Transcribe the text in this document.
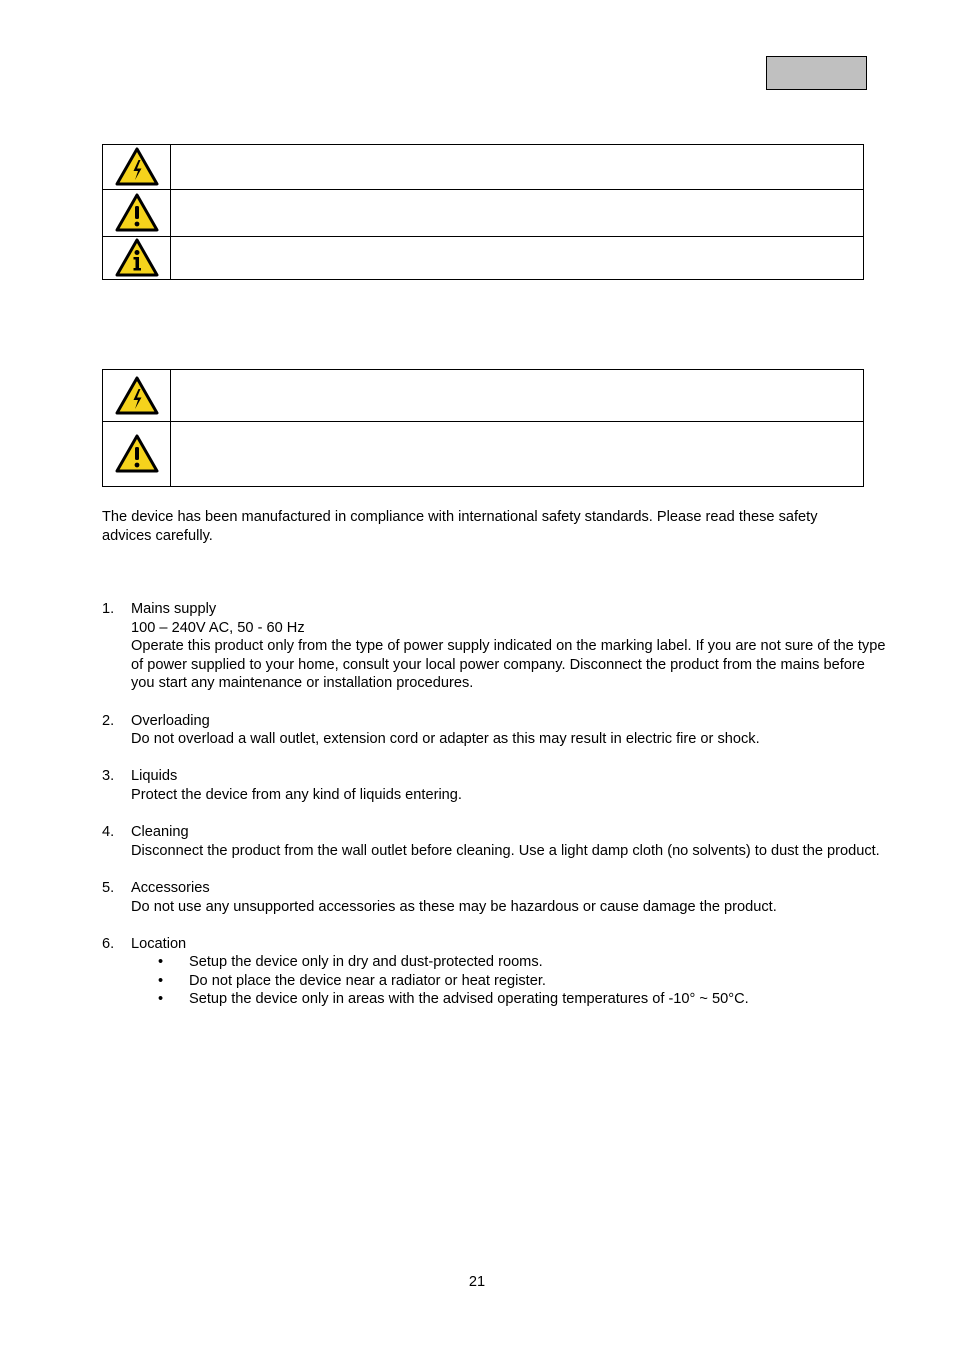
The device has been manufactured in compliance with international safety standards. Please read these safety advices carefully.

1. Mains supply
100 – 240V AC, 50 - 60 Hz
Operate this product only from the type of power supply indicated on the marking label. If you are not sure of the type of power supplied to your home, consult your local power company. Disconnect the product from the mains before you start any maintenance or installation procedures.
2. Overloading
Do not overload a wall outlet, extension cord or adapter as this may result in electric fire or shock.
3. Liquids
Protect the device from any kind of liquids entering.
4. Cleaning
Disconnect the product from the wall outlet before cleaning. Use a light damp cloth (no solvents) to dust the product.
5. Accessories
Do not use any unsupported accessories as these may be hazardous or cause damage the product.
6. Location
• Setup the device only in dry and dust-protected rooms.
• Do not place the device near a radiator or heat register.
• Setup the device only in areas with the advised operating temperatures of -10° ~ 50°C.
21
